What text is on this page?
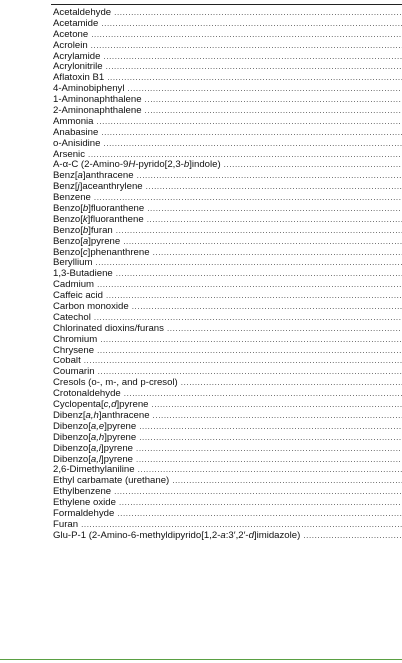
Acetaldehyde
.....
Acetamide
.....
Acetone
.....
Acrolein
.....
Acrylamide
.....
Acrylonitrile
.....
Aflatoxin B1
.....
4-Aminobiphenyl
.....
1-Aminonaphthalene
.....
2-Aminonaphthalene
.....
Ammonia
.....
Anabasine
.....
o-Anisidine
.....
Arsenic
.....
A-α-C (2-Amino-9H-pyrido[2,3-b]indole)
.....
Benz[a]anthracene
.....
Benz[j]aceanthrylene
.....
Benzene
.....
Benzo[b]fluoranthene
.....
Benzo[k]fluoranthene
.....
Benzo[b]furan
.....
Benzo[a]pyrene
.....
Benzo[c]phenanthrene
.....
Beryllium
.....
1,3-Butadiene
.....
Cadmium
.....
Caffeic acid
.....
Carbon monoxide
.....
Catechol
.....
Chlorinated dioxins/furans
.....
Chromium
.....
Chrysene
.....
Cobalt
.....
Coumarin
.....
Cresols (o-, m-, and p-cresol)
.....
Crotonaldehyde
.....
Cyclopenta[c,d]pyrene
.....
Dibenz[a,h]anthracene
.....
Dibenzo[a,e]pyrene
.....
Dibenzo[a,h]pyrene
.....
Dibenzo[a,i]pyrene
.....
Dibenzo[a,l]pyrene
.....
2,6-Dimethylaniline
.....
Ethyl carbamate (urethane)
.....
Ethylbenzene
.....
Ethylene oxide
.....
Formaldehyde
.....
Furan
.....
Glu-P-1 (2-Amino-6-methyldipyrido[1,2-a:3′,2′-d]imidazole)
.....
